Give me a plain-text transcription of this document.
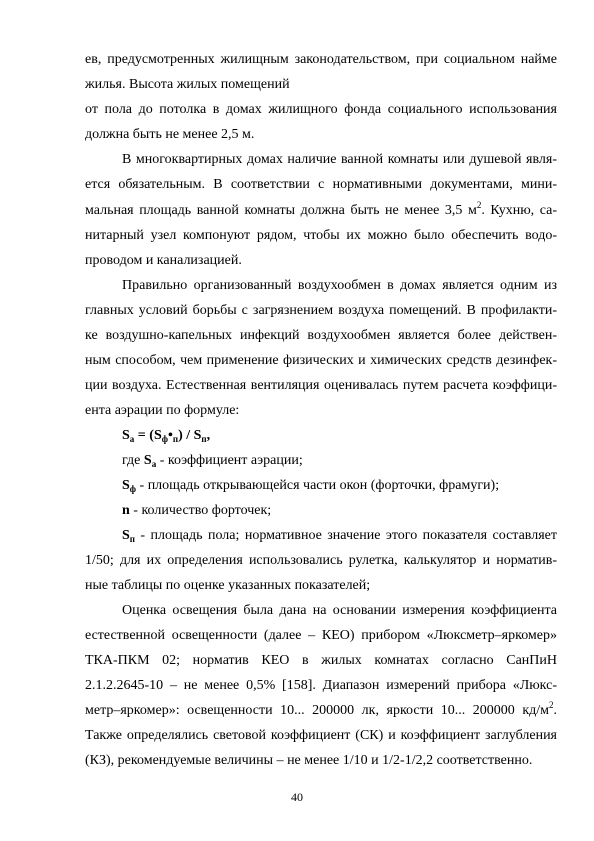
ев, предусмотренных жилищным законодательством, при социальном найме

жилья. Высота жилых помещений

от пола до потолка в домах жилищного фонда социального использования

должна быть не менее 2,5 м.

В многоквартирных домах наличие ванной комнаты или душевой явля-

ется обязательным. В соответствии с нормативными документами, мини-

мальная площадь ванной комнаты должна быть не менее 3,5 $м^2$. Кухню, са-

нитарный узел компонуют рядом, чтобы их можно было обеспечить водо-

проводом и канализацией.

Правильно организованный воздухообмен в домах является одним из

главных условий борьбы с загрязнением воздуха помещений. В профилакти-

ке воздушно-капельных инфекций воздухообмен является более действен-

ным способом, чем применение физических и химических средств дезинфек-

ции воздуха. Естественная вентиляция оценивалась путем расчета коэффици-

ента аэрации по формуле:

$S_а$ = $(S_ф•_п) / S_п$,

где $S_а$ - коэффициент аэрации;

$S_ф$ - площадь открывающейся части окон (форточки, фрамуги);

n - количество форточек;

$S_п$ - площадь пола; нормативное значение этого показателя составляет

1/50; для их определения использовались рулетка, калькулятор и норматив-

ные таблицы по оценке указанных показателей;

Оценка освещения была дана на основании измерения коэффициента

естественной освещенности (далее – КЕО) прибором «Люксметр–яркомер»

ТКА-ПКМ 02; норматив КЕО в жилых комнатах согласно СанПиН

2.1.2.2645-10 – не менее 0,5% [158]. Диапазон измерений прибора «Люкс-

метр–яркомер»: освещенности 10... 200000 лк, яркости 10... 200000 $кд/м^2$.

Также определялись световой коэффициент (СК) и коэффициент заглубления

(КЗ), рекомендуемые величины – не менее 1/10 и 1/2-1/2,2 соответственно.

40
